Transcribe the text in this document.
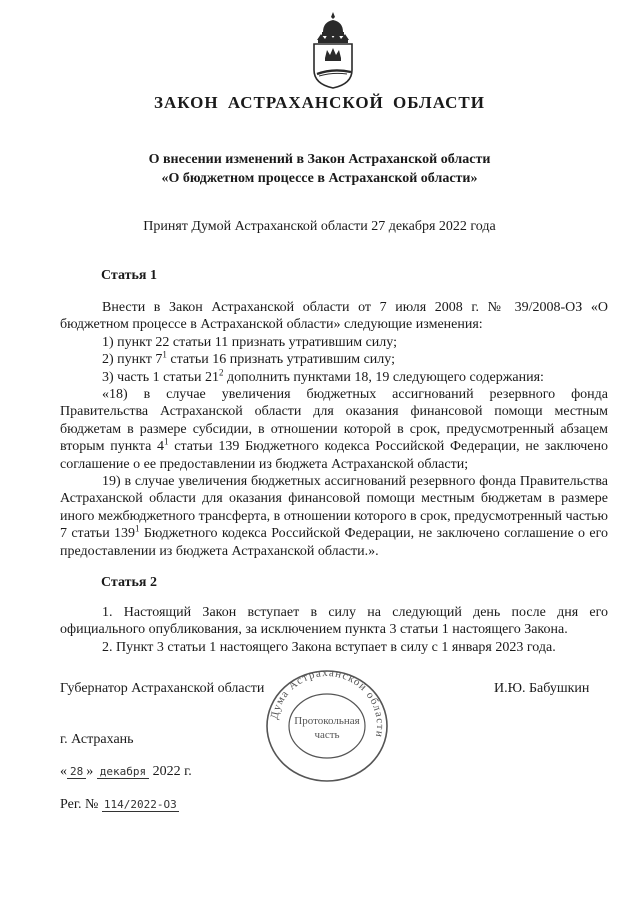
ЗАКОН АСТРАХАНСКОЙ ОБЛАСТИ
О внесении изменений в Закон Астраханской области
«О бюджетном процессе в Астраханской области»
Принят Думой Астраханской области 27 декабря 2022 года
Статья 1

Внести в Закон Астраханской области от 7 июля 2008 г. № 39/2008-ОЗ «О бюджетном процессе в Астраханской области» следующие изменения:

1) пункт 22 статьи 11 признать утратившим силу;

2) пункт $7^1$ статьи 16 признать утратившим силу;

3) часть 1 статьи $21^2$ дополнить пунктами 18, 19 следующего содержания:

«18) в случае увеличения бюджетных ассигнований резервного фонда Правительства Астраханской области для оказания финансовой помощи местным бюджетам в размере субсидии, в отношении которой в срок, предусмотренный абзацем вторым пункта $4^1$ статьи 139 Бюджетного кодекса Российской Федерации, не заключено соглашение о ее предоставлении из бюджета Астраханской области;

19) в случае увеличения бюджетных ассигнований резервного фонда Правительства Астраханской области для оказания финансовой помощи местным бюджетам в размере иного межбюджетного трансферта, в отношении которого в срок, предусмотренный частью 7 статьи $139^1$ Бюджетного кодекса Российской Федерации, не заключено соглашение о его предоставлении из бюджета Астраханской области.».

Статья 2

1. Настоящий Закон вступает в силу на следующий день после дня его официального опубликования, за исключением пункта 3 статьи 1 настоящего Закона.

2. Пункт 3 статьи 1 настоящего Закона вступает в силу с 1 января 2023 года.

Губернатор Астраханской области	И.Ю. Бабушкин
Дума Астраханской области
Протокольная
часть
г. Астрахань
« 28 » декабря 2022 г.
Рег. № 114/2022-ОЗ
